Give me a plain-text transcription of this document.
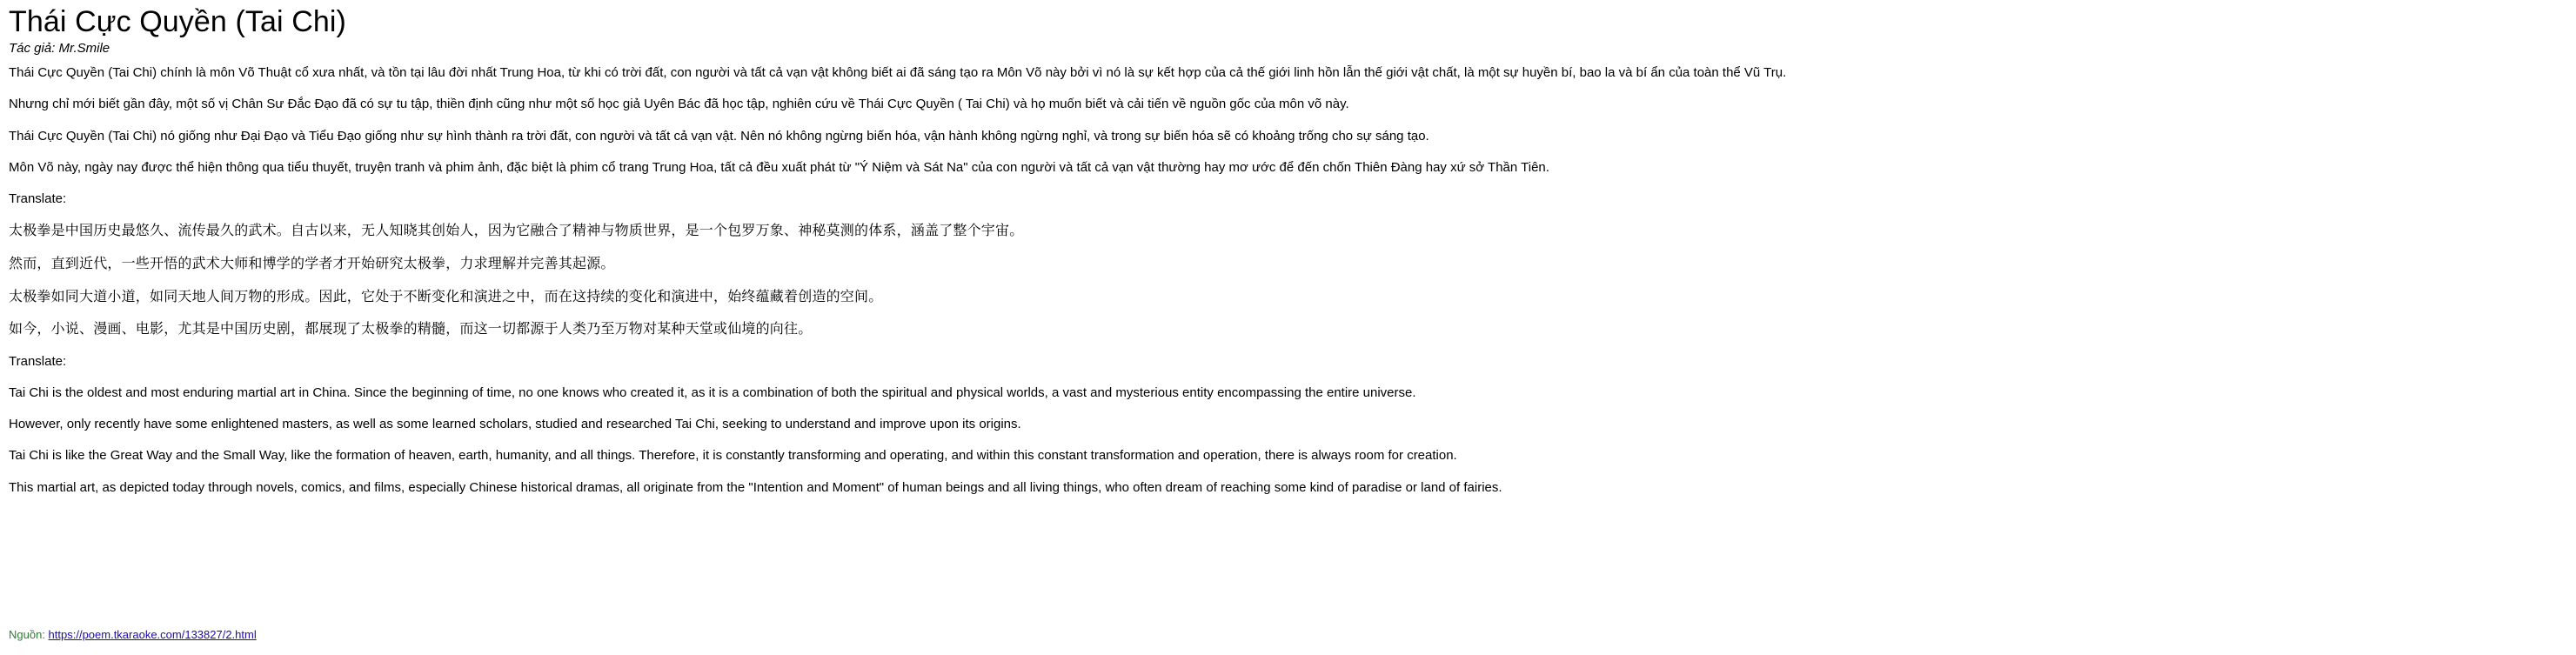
Thái Cực Quyền (Tai Chi)
Tác giả: Mr.Smile

Thái Cực Quyền (Tai Chi) chính là môn Võ Thuật cổ xưa nhất, và tồn tại lâu đời nhất Trung Hoa, từ khi có trời đất, con người và tất cả vạn vật không biết ai đã sáng tạo ra Môn Võ này bởi vì nó là sự kết hợp của cả thế giới linh hồn lẫn thế giới vật chất, là một sự huyền bí, bao la và bí ẩn của toàn thể Vũ Trụ.

Nhưng chỉ mới biết gần đây, một số vị Chân Sư Đắc Đạo đã có sự tu tập, thiền định cũng như một số học giả Uyên Bác đã học tập, nghiên cứu về Thái Cực Quyền ( Tai Chi) và họ muốn biết và cải tiến về nguồn gốc của môn võ này.

Thái Cực Quyền (Tai Chi) nó giống như Đại Đạo và Tiểu Đạo giống như sự hình thành ra trời đất, con người và tất cả vạn vật. Nên nó không ngừng biến hóa, vận hành không ngừng nghỉ, và trong sự biến hóa sẽ có khoảng trống cho sự sáng tạo.

Môn Võ này, ngày nay được thể hiện thông qua tiểu thuyết, truyện tranh và phim ảnh, đặc biệt là phim cổ trang Trung Hoa, tất cả đều xuất phát từ "Ý Niệm và Sát Na" của con người và tất cả vạn vật thường hay mơ ước để đến chốn Thiên Đàng hay xứ sở Thần Tiên.

Translate:

太极拳是中国历史最悠久、流传最久的武术。自古以来，无人知晓其创始人，因为它融合了精神与物质世界，是一个包罗万象、神秘莫测的体系，涵盖了整个宇宙。

然而，直到近代，一些开悟的武术大师和博学的学者才开始研究太极拳，力求理解并完善其起源。

太极拳如同大道小道，如同天地人间万物的形成。因此，它处于不断变化和演进之中，而在这持续的变化和演进中，始终蕴藏着创造的空间。

如今，小说、漫画、电影，尤其是中国历史剧，都展现了太极拳的精髓，而这一切都源于人类乃至万物对某种天堂或仙境的向往。

Translate:

Tai Chi is the oldest and most enduring martial art in China. Since the beginning of time, no one knows who created it, as it is a combination of both the spiritual and physical worlds, a vast and mysterious entity encompassing the entire universe.

However, only recently have some enlightened masters, as well as some learned scholars, studied and researched Tai Chi, seeking to understand and improve upon its origins.

Tai Chi is like the Great Way and the Small Way, like the formation of heaven, earth, humanity, and all things. Therefore, it is constantly transforming and operating, and within this constant transformation and operation, there is always room for creation.

This martial art, as depicted today through novels, comics, and films, especially Chinese historical dramas, all originate from the "Intention and Moment" of human beings and all living things, who often dream of reaching some kind of paradise or land of fairies.

Nguồn: https://poem.tkaraoke.com/133827/2.html
